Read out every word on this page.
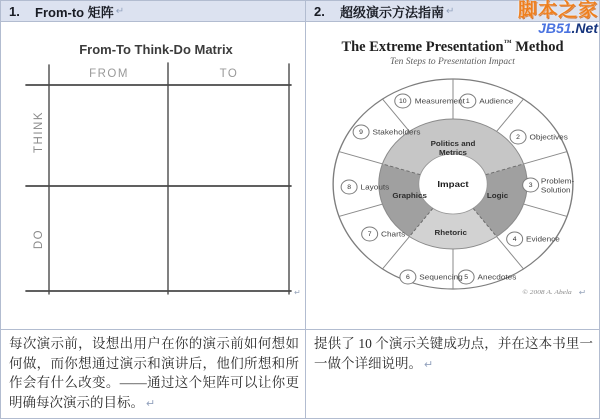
1.	From-to 矩阵 ↵	2.	超级演示方法指南 ↵
From-To Think-Do Matrix
FROM	TO
THINK
DO
↵
The Extreme Presentation™ Method
Ten Steps to Presentation Impact
Impact
Politics and
Metrics
Graphics	Logic
Rhetoric
1 Audience
2 Objectives
3
Problem-
Solution
4 Evidence
5 Anecdotes
6 Sequencing
7 Charts
8 Layouts
9 Stakeholders
10 Measurement
© 2008 A. Abela ↵
每次演示前，设想出用户在你的演示前如何想如何做，而你想通过演示和演讲后，他们所想和所作会有什么改变。——通过这个矩阵可以让你更明确每次演示的目标。 ↵
提供了 10 个演示关键成功点，并在这本书里一一做个详细说明。 ↵
脚本之家
JB51.Net
